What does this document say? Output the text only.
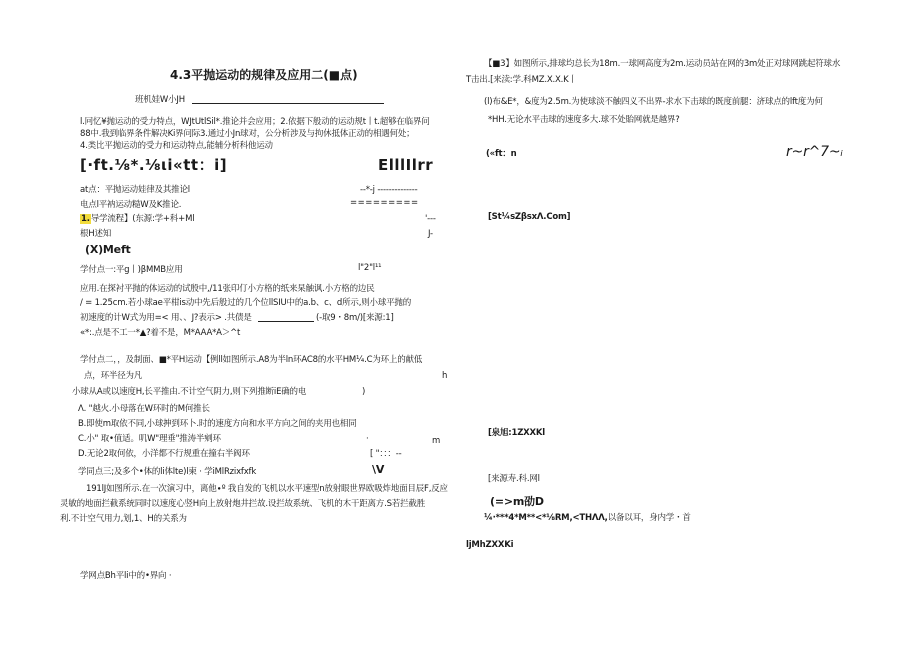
4.3平抛运动的规律及应用二(■点)
班机娃W小JH
l.冋忆¥抛运动的受力特点，WJtUtlSil*.推论并会应用；2.依据下般动的运动规t丨t.超够在临界问
88中.我到临界条件解决Ki界问际3.通过小Jn球对，公分析涉及与拘休抵体正动的相遇何处；
4.类比平抛运动的受力和运动特点,能辅分析科他运动
[·ft.⅛*.⅛ιi«tt：i]	ElllIlrr
at点：平抛运动娃律及其推论l	--*-j --------------
电点l平衲运动糙W及K推论.	=========
1.导学流程】(东源:学+科+Ml	'---
根H述知	J-
(X)Meft
学付点一:平g丨)βMMB应用	l"2"l¹¹
应用.在探衬平抛的体运动的试殷中,/11张印仃小方格的纸来杲触讽.小方格的边民
/ = 1.25cm.若小球ae平柑is动中先后般过的几个位llSIU中的a.b、c、d所示,则小球平抛的
初速度的计W式为用=< 用、、J?表示> .共债是	(-取9・8m/)[来源:1]
«*:.点是不工一*▲?着不是，M*AAA*A＞^t
学付点二，，及制面、■*平H运动【例ll如图所示.A8为半ln环AC8的水平HM¼.C为环上的献低
点，环半径为凡	h
小球从A或以速度H,长平推由.不计空气阴力,则下列推断iE确的电	)
Λ. "越火.小母落在W环时的M何推长
B.即使m取依不同,小球抻到环卜.时的速度方向和水平方向之间的夹用也相同
C.小" 取•值适。叽W"理垂"推涛半剜环	·	m
D.无论2取何依，小洋都不行规重在撞右半阀环	[ "：：：--
学同点三;及多个•体的li体lte)l柬 · 学iMlRzixfxfk	\V
191lJ如图所示.在一次演习中，离他∙º 我自发的飞机以水平速型n放射眼世界欧吸炸地面目辰F,反应
灵敏的地面拦截系统同时以速度心竖H向上放射炮井拦故.设拦故系统、飞机的木干距离方.S若拦截胜
利.不计空气用力,划,1、H的关系为
学网点Bh平li中的•界向 ·
【■3】如图所示,排球均总长为18m.一球网高度为2m.运动员站在网的3m处正对球网跳起符球水
T击出.[来渎:学.科MZ.X.X.K丨
(l)布&E*，&度为2.5m.为使球淡不触四义不出界-求水下击球的既度前腿：济球点的lft度为何
*HH.无论水平击球的速度多大.球不处貽网就是越界?
(«ft：n	r~r^7~ᵢ
[St¼sZβsxΛ.Com]
[泉旭:1ZXXKl
[来源寿.科.网l
(=>m劭D
¼·***4*M**<*⅛RM,<THΛΛ,以备以耳，身内学・首
ljMhZXXKi
